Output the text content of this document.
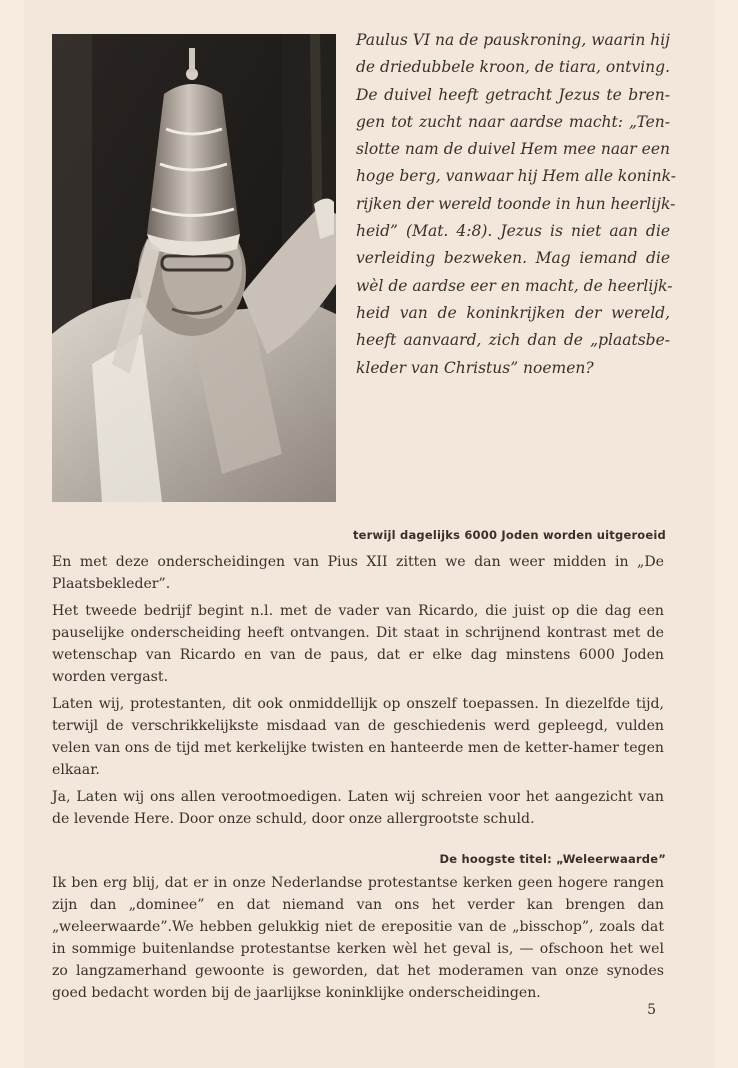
Paulus VI na de pauskroning, waarin hij
de driedubbele kroon, de tiara, ontving.
De duivel heeft getracht Jezus te bren-
gen tot zucht naar aardse macht: „Ten-
slotte nam de duivel Hem mee naar een
hoge berg, vanwaar hij Hem alle konink-
rijken der wereld toonde in hun heerlijk-
heid” (Mat. 4:8). Jezus is niet aan die
verleiding bezweken. Mag iemand die
wèl de aardse eer en macht, de heerlijk-
heid van de koninkrijken der wereld,
heeft aanvaard, zich dan de „plaatsbe-
kleder van Christus” noemen?
terwijl dagelijks 6000 Joden worden uitgeroeid

En met deze onderscheidingen van Pius XII zitten we dan weer midden in „De Plaatsbekleder”.

Het tweede bedrijf begint n.l. met de vader van Ricardo, die juist op die dag een pauselijke onderscheiding heeft ontvangen. Dit staat in schrijnend kontrast met de wetenschap van Ricardo en van de paus, dat er elke dag minstens 6000 Joden worden vergast.

Laten wij, protestanten, dit ook onmiddellijk op onszelf toepassen. In diezelfde tijd, terwijl de verschrikkelijkste misdaad van de geschiedenis werd gepleegd, vulden velen van ons de tijd met kerkelijke twisten en hanteerde men de ketter-hamer tegen elkaar.

Ja, Laten wij ons allen verootmoedigen. Laten wij schreien voor het aangezicht van de levende Here. Door onze schuld, door onze allergrootste schuld.

De hoogste titel: „Weleerwaarde”

Ik ben erg blij, dat er in onze Nederlandse protestantse kerken geen hogere rangen zijn dan „dominee” en dat niemand van ons het verder kan brengen dan „weleerwaarde”.We hebben gelukkig niet de erepositie van de „bisschop”, zoals dat in sommige buitenlandse protestantse kerken wèl het geval is, — ofschoon het wel zo langzamerhand gewoonte is geworden, dat het moderamen van onze synodes goed bedacht worden bij de jaarlijkse koninklijke onderscheidingen.

5
